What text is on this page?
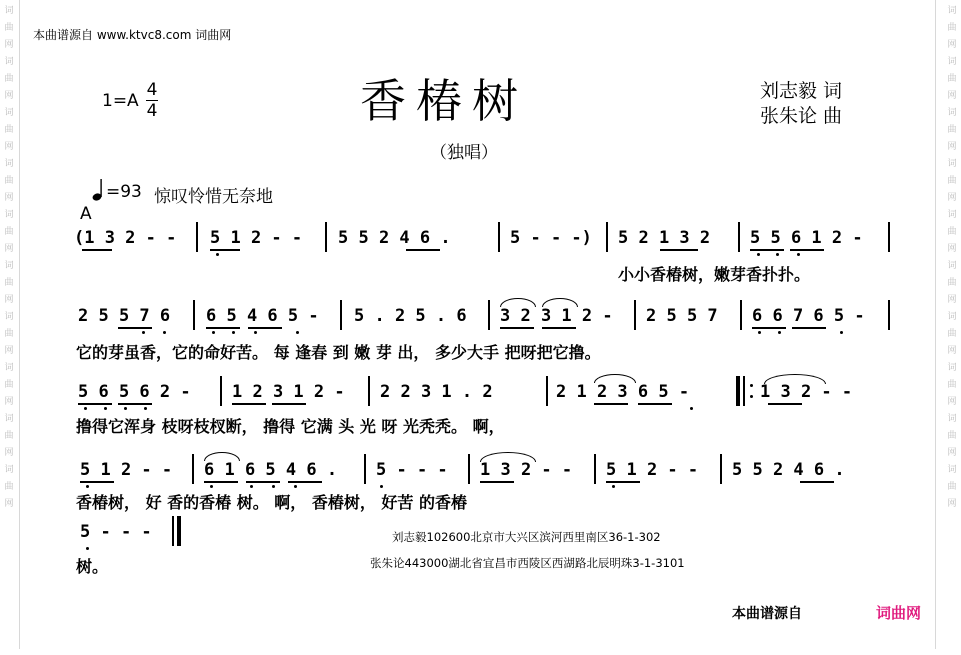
词
曲
网
词
曲
网
词
曲
网
词
曲
网
词
曲
网
词
曲
网
词
曲
网
词
曲
网
词
曲
网
词
曲
网
词
曲
网
词
曲
网
词
曲
网
词
曲
网
词
曲
网
词
曲
网
词
曲
网
词
曲
网
词
曲
网
词
曲
网
本曲谱源自 www.ktvc8.com 词曲网
1=A
4
4	香椿树
（独唱）
刘志毅 词
张朱论 曲
=93 惊叹怜惜无奈地
A
(1 3 2 - - 5 1 2 - - 5 5 2 4 6 .	5 - - -) 5 2 1 3 2 5 5 6 1 2 -
小小香椿树，嫩芽香扑扑。
2 5 5 7 6 6 5 4 6 5 - 5 . 2 5 . 6 3 2 3 1 2 - 2 5 5 7 6 6 7 6 5 -
它的芽虽香，它的命好苦。 每 逢春 到 嫩 芽 出， 多少大手 把呀把它撸。
5 6 5 6 2 - 1 2 3 1 2 - 2 2 3 1 . 2	2 1 2 3 6 5 -	1 3 2 - -
撸得它浑身 枝呀枝杈断， 撸得 它满 头 光 呀 光秃秃。 啊，
5 1 2 - - 6 1 6 5 4 6 . 5 - - - 1 3 2 - - 5 1 2 - - 5 5 2 4 6 .
香椿树， 好 香的香椿 树。 啊， 香椿树， 好苦 的香椿
5 - - -
树。
刘志毅102600北京市大兴区滨河西里南区36-1-302
张朱论443000湖北省宜昌市西陵区西湖路北辰明珠3-1-3101
本曲谱源自	词曲网
